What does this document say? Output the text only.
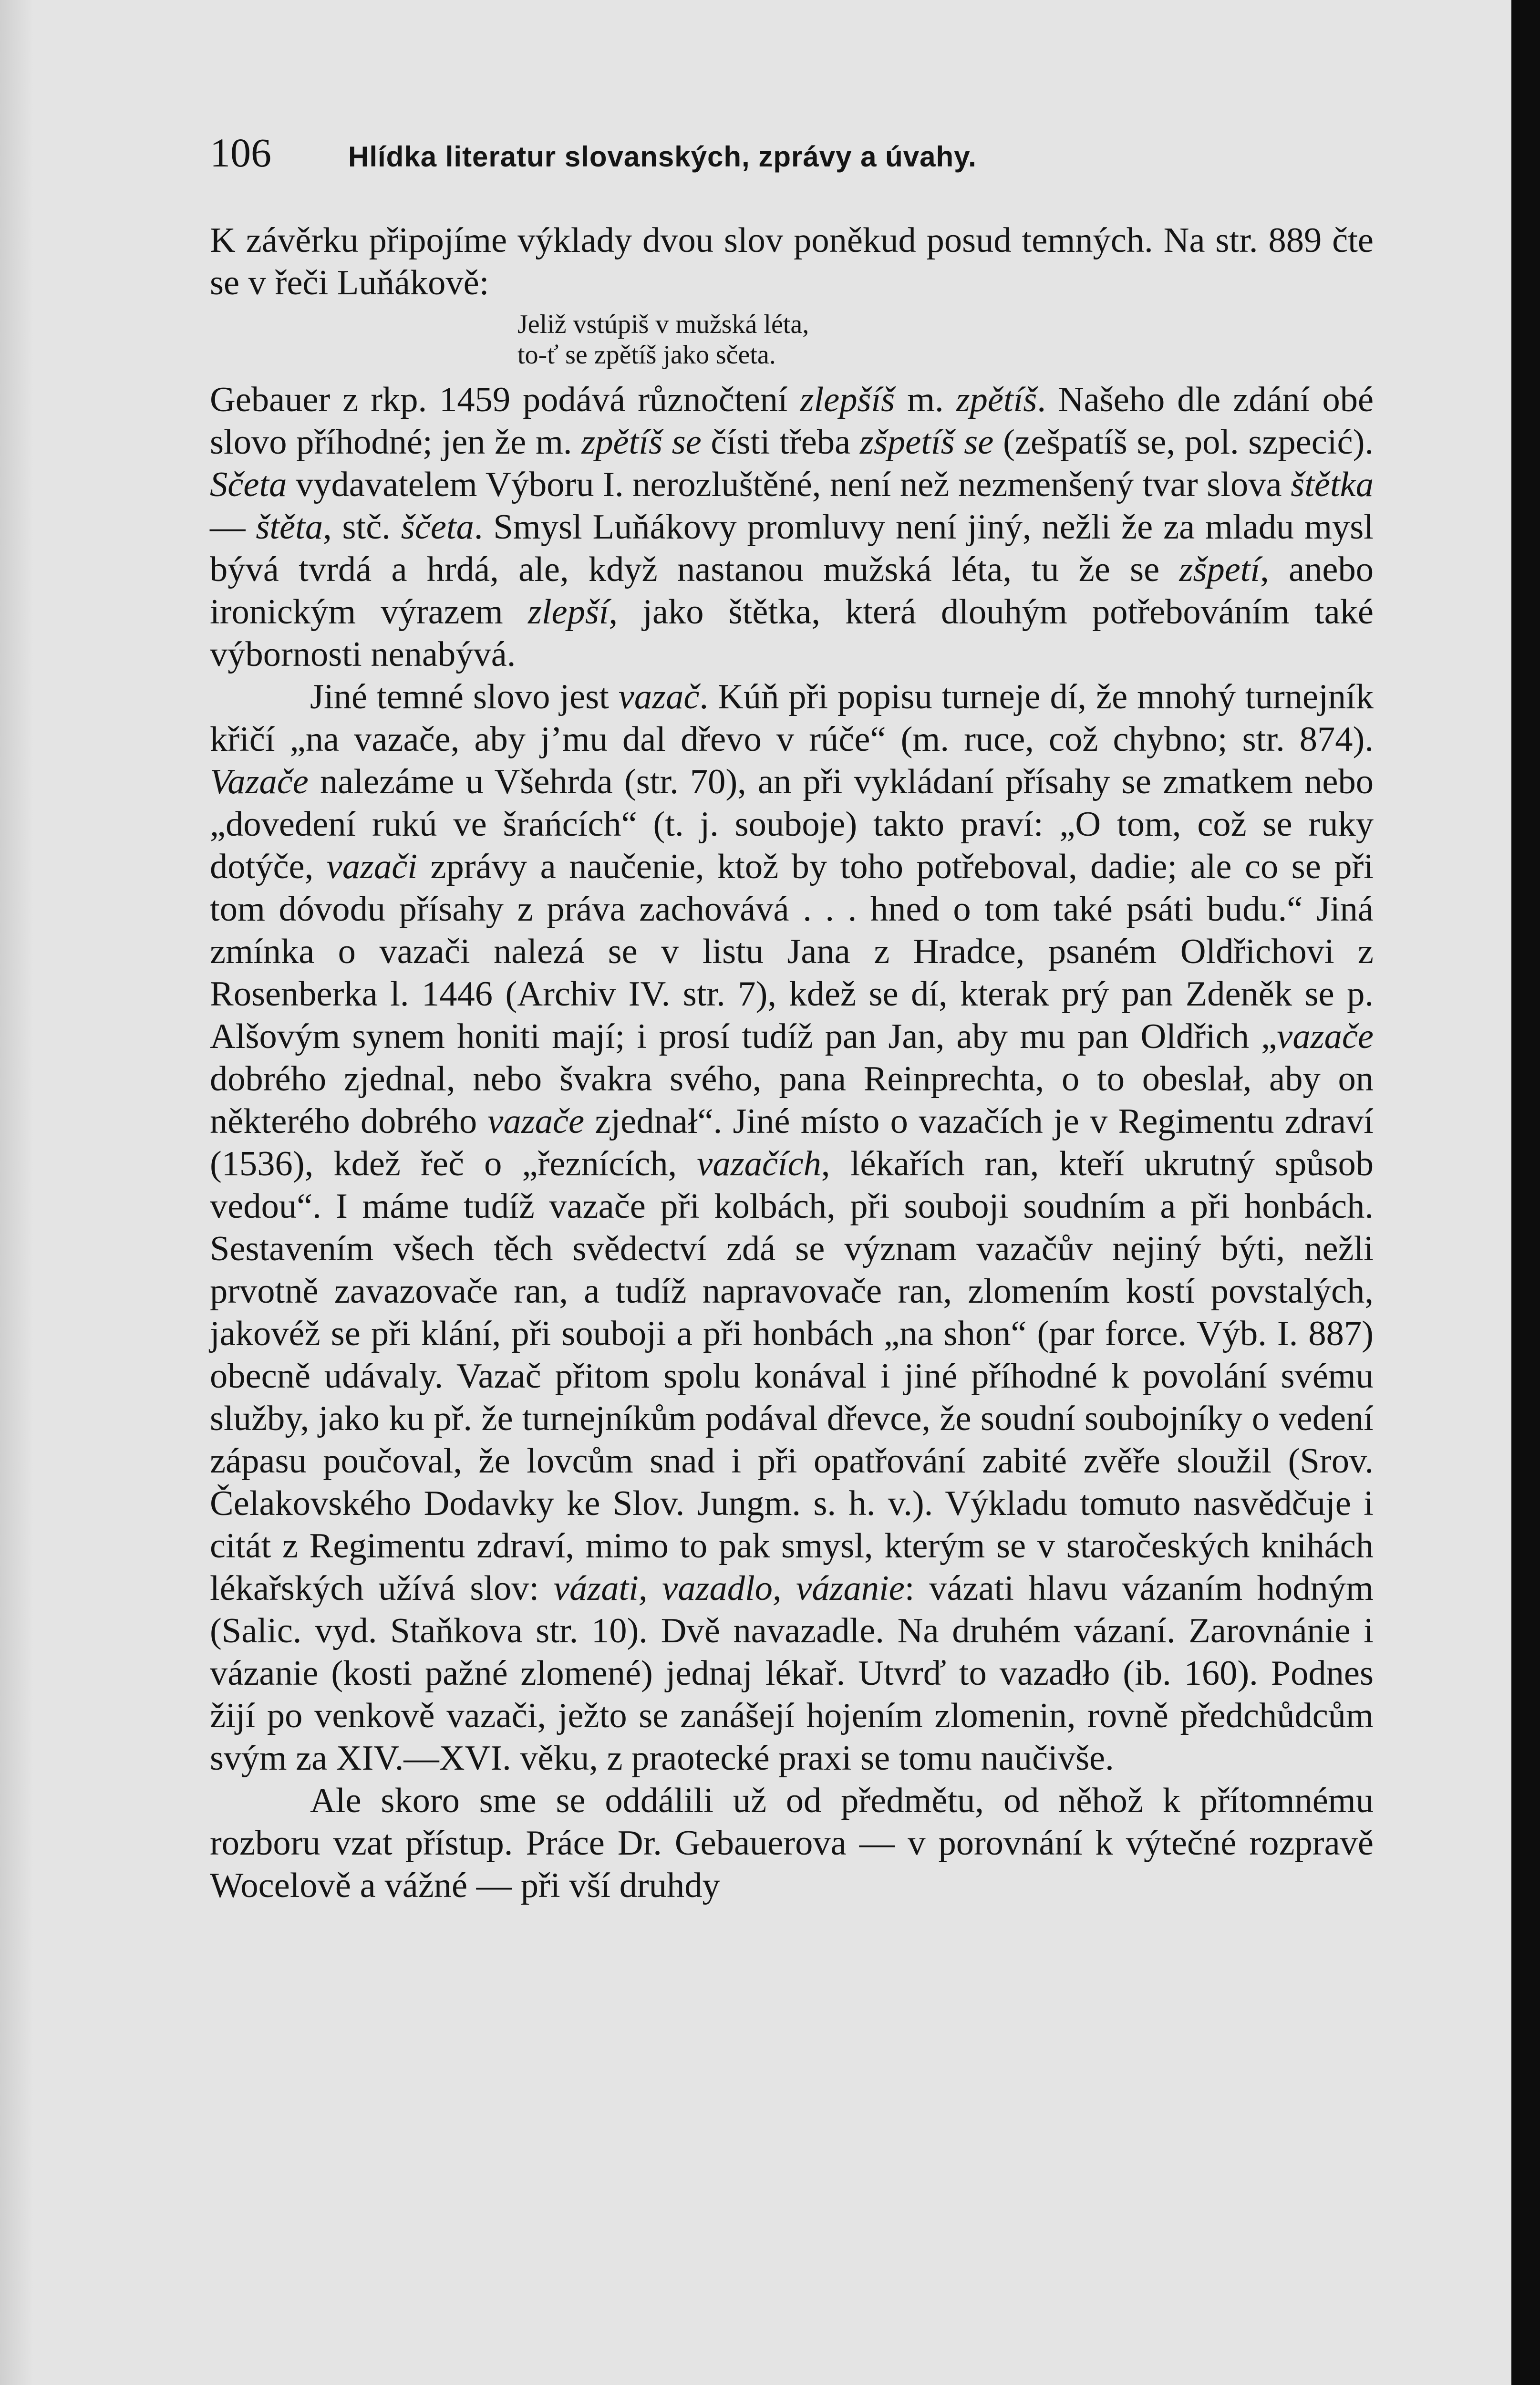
106	Hlídka literatur slovanských, zprávy a úvahy.

K závěrku připojíme výklady dvou slov poněkud posud temných. Na str. 889 čte se v řeči Luňákově:

Jeliž vstúpiš v mužská léta,
to-ť se zpětíš jako sčeta.

Gebauer z rkp. 1459 podává různočtení zlepšíš m. zpětíš. Našeho dle zdání obé slovo příhodné; jen že m. zpětíš se čísti třeba zšpetíš se (zešpatíš se, pol. szpecić). Sčeta vydavatelem Výboru I. nerozluštěné, není než nezmenšený tvar slova štětka — štěta, stč. ščeta. Smysl Luňákovy promluvy není jiný, nežli že za mladu mysl bývá tvrdá a hrdá, ale, když nastanou mužská léta, tu že se zšpetí, anebo ironickým výrazem zlepší, jako štětka, která dlouhým potřebováním také výbornosti nenabývá.

Jiné temné slovo jest vazač. Kúň při popisu turneje dí, že mnohý turnejník křičí „na vazače, aby j’mu dal dřevo v rúče“ (m. ruce, což chybno; str. 874). Vazače nalezáme u Všehrda (str. 70), an při vykládaní přísahy se zmatkem nebo „dovedení rukú ve šrańcích“ (t. j. souboje) takto praví: „O tom, což se ruky dotýče, vazači zprávy a naučenie, ktož by toho potřeboval, dadie; ale co se při tom dóvodu přísahy z práva zachovává . . . hned o tom také psáti budu.“ Jiná zmínka o vazači nalezá se v listu Jana z Hradce, psaném Oldřichovi z Rosenberka l. 1446 (Archiv IV. str. 7), kdež se dí, kterak prý pan Zdeněk se p. Alšovým synem honiti mají; i prosí tudíž pan Jan, aby mu pan Oldřich „vazače dobrého zjednal, nebo švakra svého, pana Reinprechta, o to obeslał, aby on některého dobrého vazače zjednał“. Jiné místo o vazačích je v Regimentu zdraví (1536), kdež řeč o „řeznících, vazačích, lékařích ran, kteří ukrutný spůsob vedou“. I máme tudíž vazače při kolbách, při souboji soudním a při honbách. Sestavením všech těch svědectví zdá se význam vazačův nejiný býti, nežli prvotně zavazovače ran, a tudíž napravovače ran, zlomením kostí povstalých, jakovéž se při klání, při souboji a při honbách „na shon“ (par force. Výb. I. 887) obecně udávaly. Vazač přitom spolu konával i jiné příhodné k povolání svému služby, jako ku př. že turnejníkům podával dřevce, že soudní soubojníky o vedení zápasu poučoval, že lovcům snad i při opatřování zabité zvěře sloužil (Srov. Čelakovského Dodavky ke Slov. Jungm. s. h. v.). Výkladu tomuto nasvědčuje i citát z Regimentu zdraví, mimo to pak smysl, kterým se v staročeských knihách lékařských užívá slov: vázati, vazadlo, vázanie: vázati hlavu vázaním hodným (Salic. vyd. Staňkova str. 10). Dvě navazadle. Na druhém vázaní. Zarovnánie i vázanie (kosti pažné zlomené) jednaj lékař. Utvrď to vazadło (ib. 160). Podnes žijí po venkově vazači, ježto se zanášejí hojením zlomenin, rovně předchůdcům svým za XIV.—XVI. věku, z praotecké praxi se tomu naučivše.

Ale skoro sme se oddálili už od předmětu, od něhož k přítomnému rozboru vzat přístup. Práce Dr. Gebauerova — v porovnání k výtečné rozpravě Wocelově a vážné — při vší druhdy
